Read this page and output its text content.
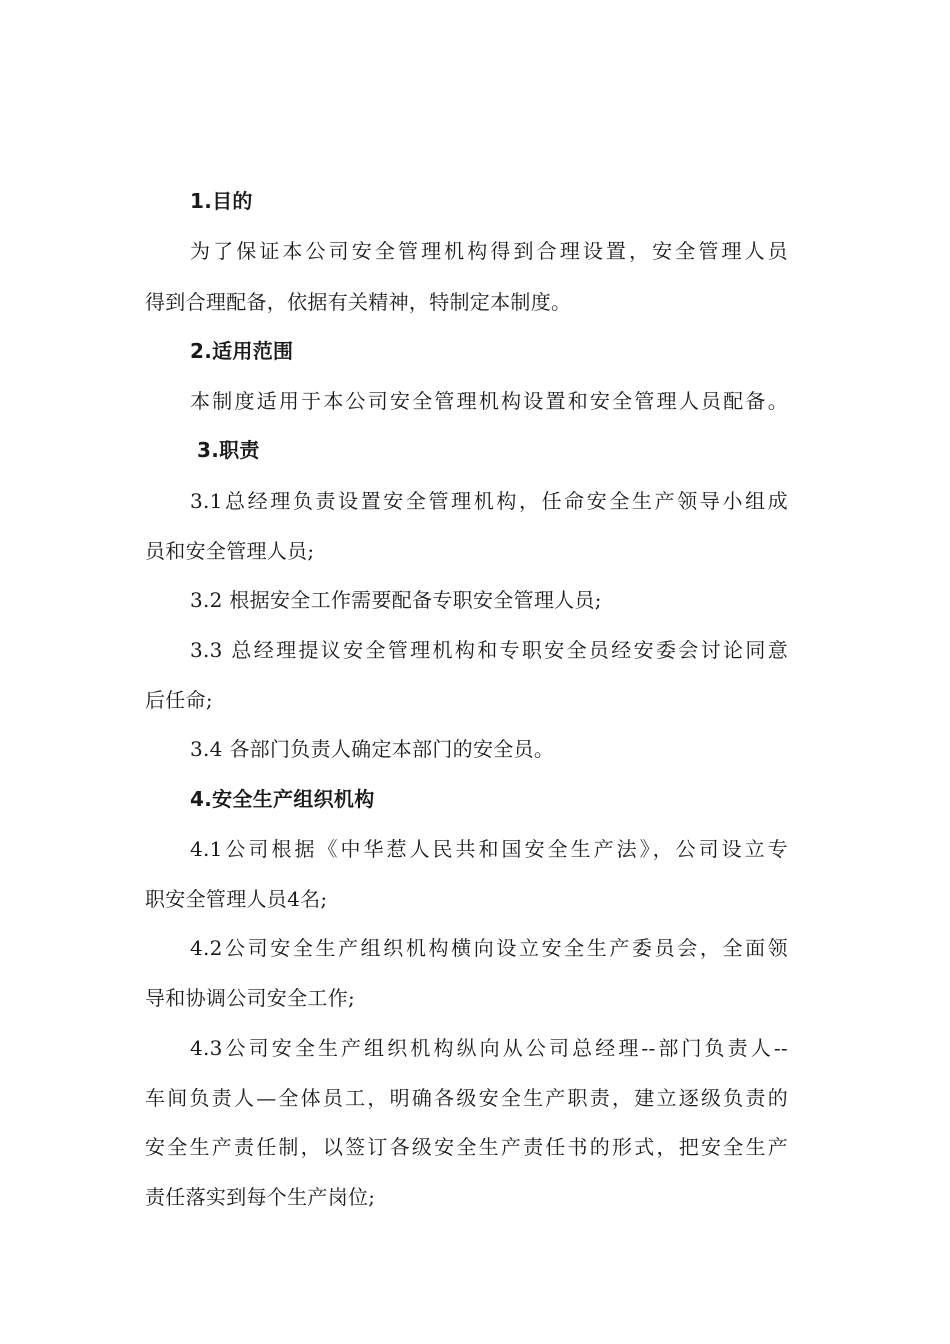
1.目的
为了保证本公司安全管理机构得到合理设置，安全管理人员
得到合理配备，依据有关精神，特制定本制度。
2.适用范围
本制度适用于本公司安全管理机构设置和安全管理人员配备。
3.职责
3.1总经理负责设置安全管理机构，任命安全生产领导小组成
员和安全管理人员;
3.2 根据安全工作需要配备专职安全管理人员;
3.3 总经理提议安全管理机构和专职安全员经安委会讨论同意
后任命;
3.4 各部门负责人确定本部门的安全员。
4.安全生产组织机构
4.1公司根据《中华惹人民共和国安全生产法》，公司设立专
职安全管理人员4名;
4.2公司安全生产组织机构横向设立安全生产委员会，全面领
导和协调公司安全工作;
4.3公司安全生产组织机构纵向从公司总经理--部门负责人--
车间负责人—全体员工，明确各级安全生产职责，建立逐级负责的
安全生产责任制，以签订各级安全生产责任书的形式，把安全生产
责任落实到每个生产岗位;
